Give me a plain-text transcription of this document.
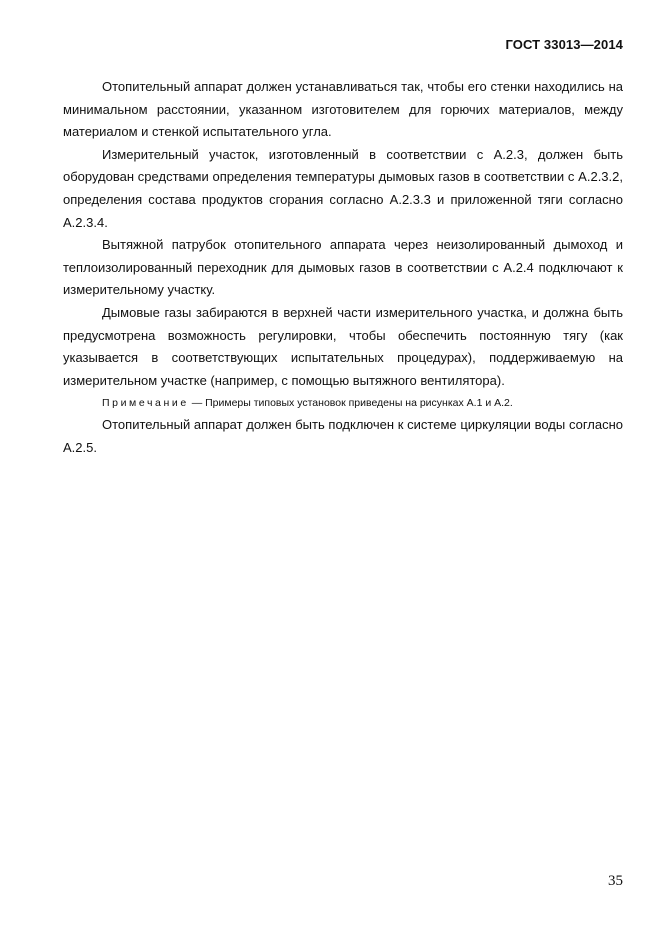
ГОСТ 33013—2014

Отопительный аппарат должен устанавливаться так, чтобы его стенки находились на минимальном расстоянии, указанном изготовителем для горючих материалов, между материалом и стенкой испытательного угла.

Измерительный участок, изготовленный в соответствии с А.2.3, должен быть оборудован средствами определения температуры дымовых газов в соответствии с А.2.3.2, определения состава продуктов сгорания согласно А.2.3.3 и приложенной тяги согласно А.2.3.4.

Вытяжной патрубок отопительного аппарата через неизолированный дымоход и теплоизолированный переходник для дымовых газов в соответствии с А.2.4 подключают к измерительному участку.

Дымовые газы забираются в верхней части измерительного участка, и должна быть предусмотрена возможность регулировки, чтобы обеспечить постоянную тягу (как указывается в соответствующих испытательных процедурах), поддерживаемую на измерительном участке (например, с помощью вытяжного вентилятора).

Примечание — Примеры типовых установок приведены на рисунках А.1 и А.2.

Отопительный аппарат должен быть подключен к системе циркуляции воды согласно А.2.5.

35
